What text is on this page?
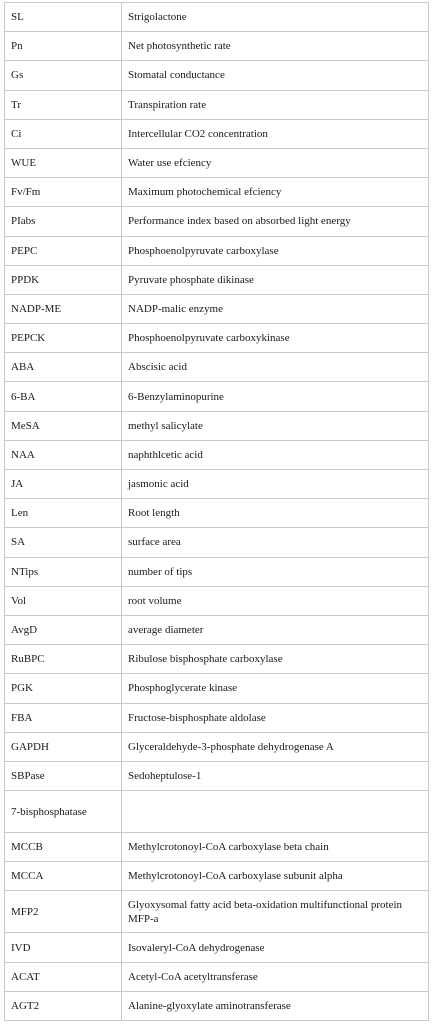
SL	Strigolactone
Pn	Net photosynthetic rate
Gs	Stomatal conductance
Tr	Transpiration rate
Ci	Intercellular CO2 concentration
WUE	Water use efciency
Fv/Fm	Maximum photochemical efciency
PIabs	Performance index based on absorbed light energy
PEPC	Phosphoenolpyruvate carboxylase
PPDK	Pyruvate phosphate dikinase
NADP-ME	NADP-malic enzyme
PEPCK	Phosphoenolpyruvate carboxykinase
ABA	Abscisic acid
6-BA	6-Benzylaminopurine
MeSA	methyl salicylate
NAA	naphthlcetic acid
JA	jasmonic acid
Len	Root length
SA	surface area
NTips	number of tips
Vol	root volume
AvgD	average diameter
RuBPC	Ribulose bisphosphate carboxylase
PGK	Phosphoglycerate kinase
FBA	Fructose-bisphosphate aldolase
GAPDH	Glyceraldehyde-3-phosphate dehydrogenase A
SBPase	Sedoheptulose-1
7-bisphosphatase	
MCCB	Methylcrotonoyl-CoA carboxylase beta chain
MCCA	Methylcrotonoyl-CoA carboxylase subunit alpha
MFP2	Glyoxysomal fatty acid beta-oxidation multifunctional protein MFP-a
IVD	Isovaleryl-CoA dehydrogenase
ACAT	Acetyl-CoA acetyltransferase
AGT2	Alanine-glyoxylate aminotransferase
